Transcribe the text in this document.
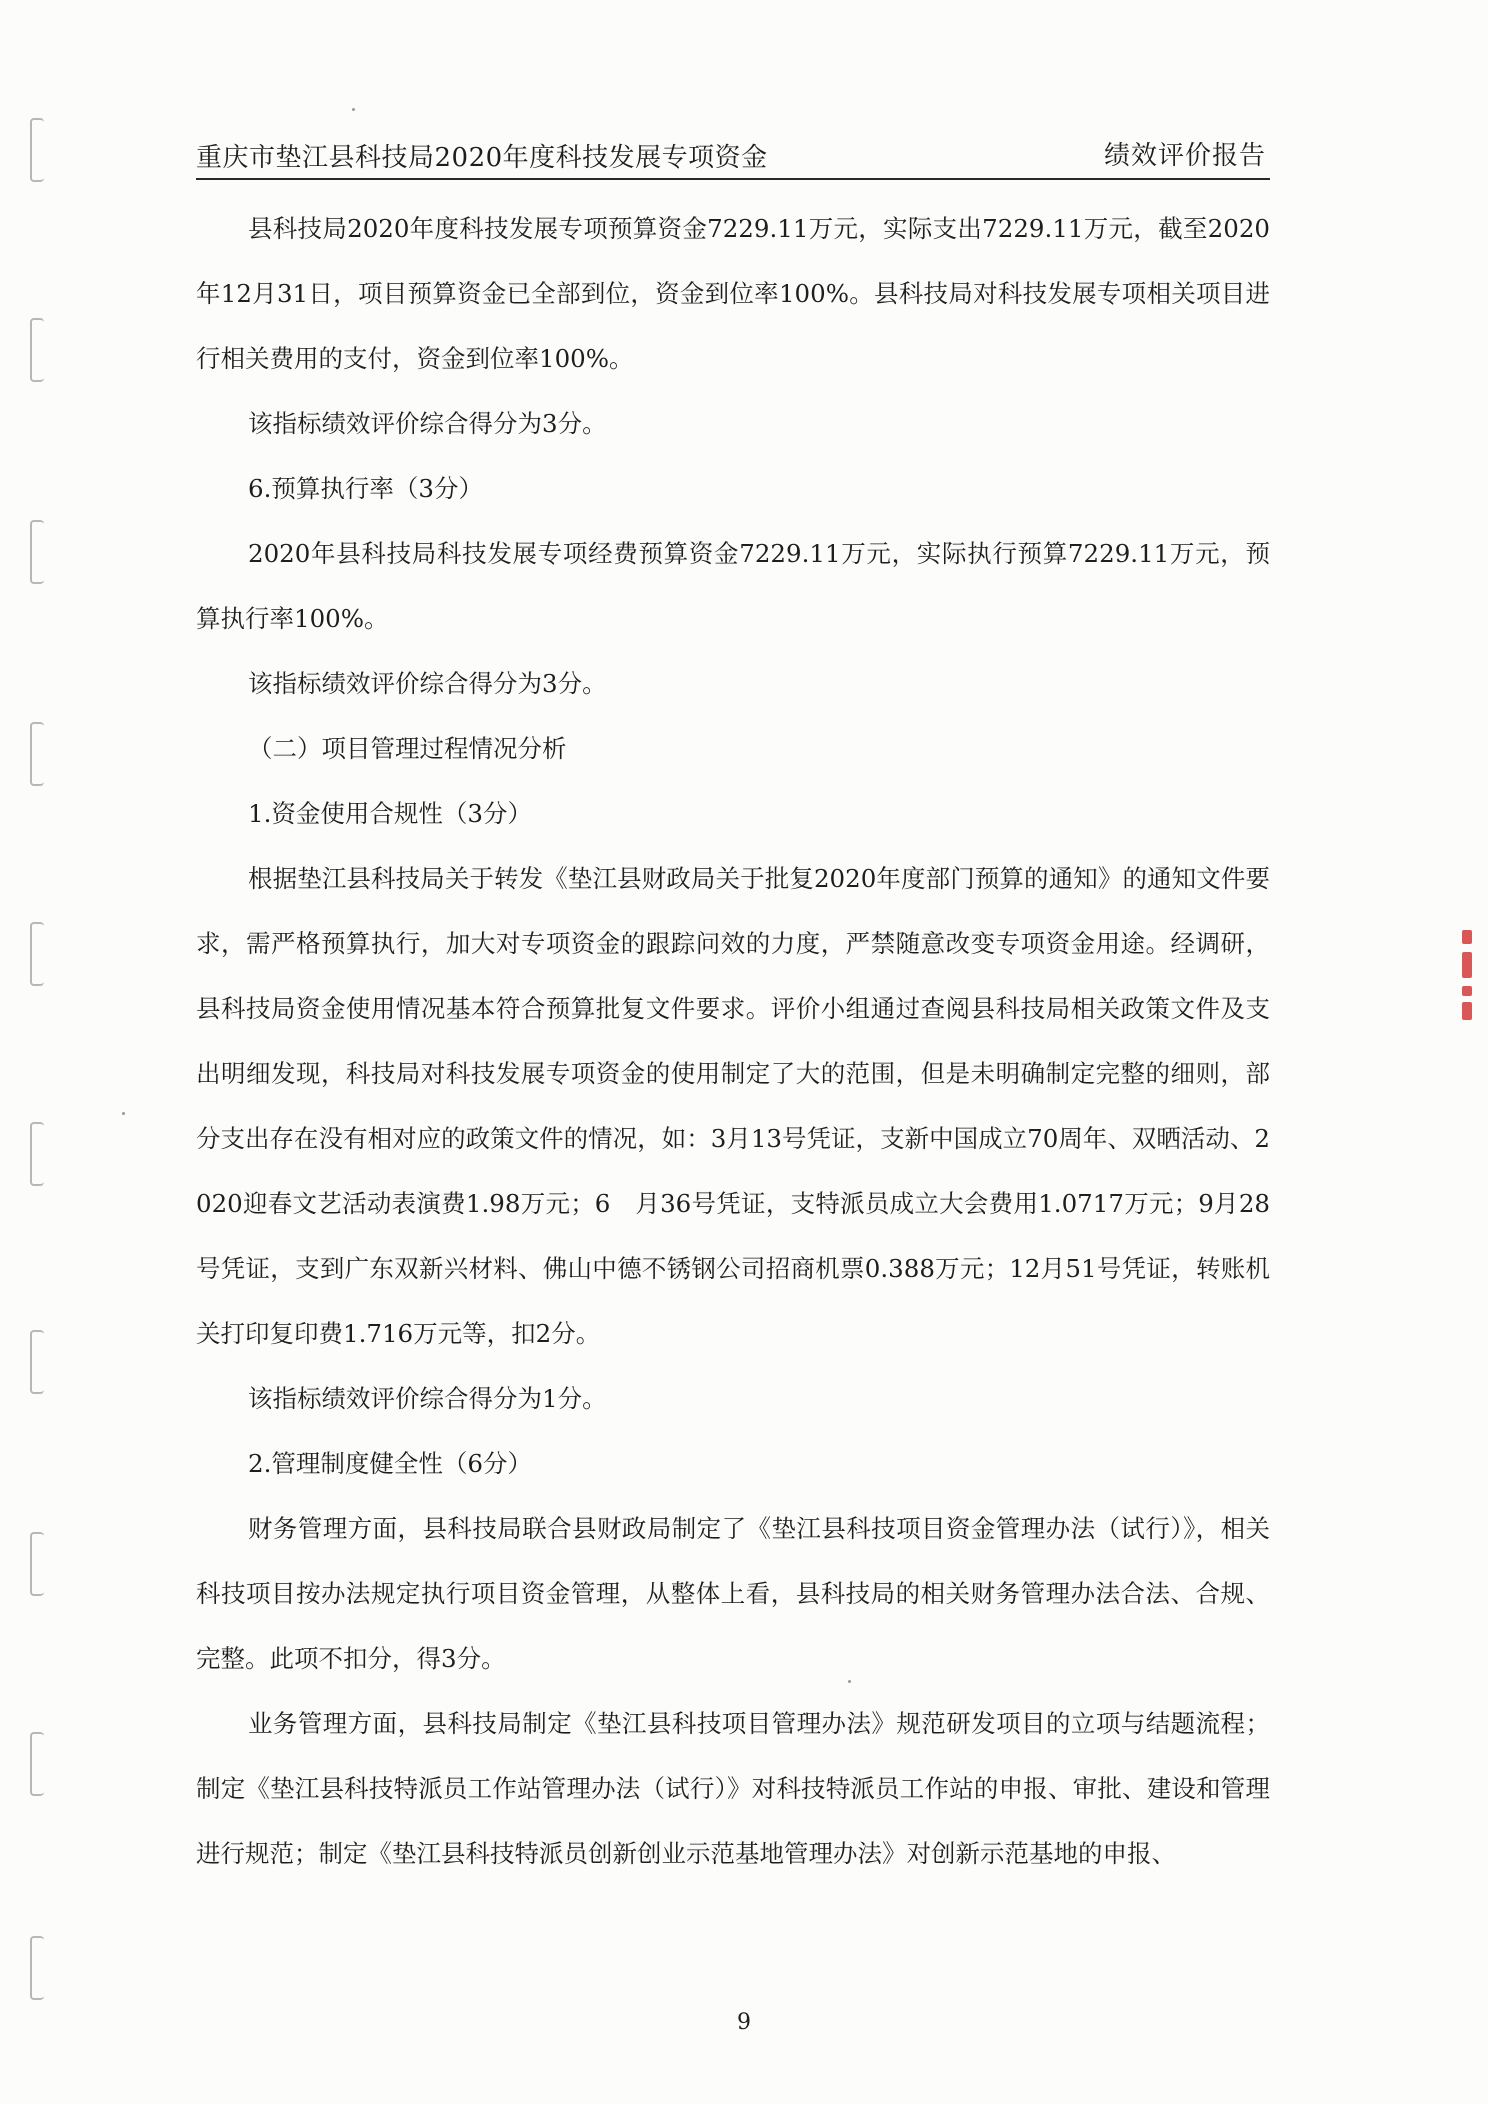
重庆市垫江县科技局2020年度科技发展专项资金	绩效评价报告

县科技局2020年度科技发展专项预算资金7229.11万元，实际支出7229.11万元，截至2020年12月31日，项目预算资金已全部到位，资金到位率100%。县科技局对科技发展专项相关项目进行相关费用的支付，资金到位率100%。

该指标绩效评价综合得分为3分。

6.预算执行率（3分）

2020年县科技局科技发展专项经费预算资金7229.11万元，实际执行预算7229.11万元，预算执行率100%。

该指标绩效评价综合得分为3分。

（二）项目管理过程情况分析

1.资金使用合规性（3分）

根据垫江县科技局关于转发《垫江县财政局关于批复2020年度部门预算的通知》的通知文件要求，需严格预算执行，加大对专项资金的跟踪问效的力度，严禁随意改变专项资金用途。经调研，县科技局资金使用情况基本符合预算批复文件要求。评价小组通过查阅县科技局相关政策文件及支出明细发现，科技局对科技发展专项资金的使用制定了大的范围，但是未明确制定完整的细则，部分支出存在没有相对应的政策文件的情况，如：3月13号凭证，支新中国成立70周年、双晒活动、2020迎春文艺活动表演费1.98万元；6　月36号凭证，支特派员成立大会费用1.0717万元；9月28号凭证，支到广东双新兴材料、佛山中德不锈钢公司招商机票0.388万元；12月51号凭证，转账机关打印复印费1.716万元等，扣2分。

该指标绩效评价综合得分为1分。

2.管理制度健全性（6分）

财务管理方面，县科技局联合县财政局制定了《垫江县科技项目资金管理办法（试行）》，相关科技项目按办法规定执行项目资金管理，从整体上看，县科技局的相关财务管理办法合法、合规、完整。此项不扣分，得3分。

业务管理方面，县科技局制定《垫江县科技项目管理办法》规范研发项目的立项与结题流程；制定《垫江县科技特派员工作站管理办法（试行）》对科技特派员工作站的申报、审批、建设和管理进行规范；制定《垫江县科技特派员创新创业示范基地管理办法》对创新示范基地的申报、

9
